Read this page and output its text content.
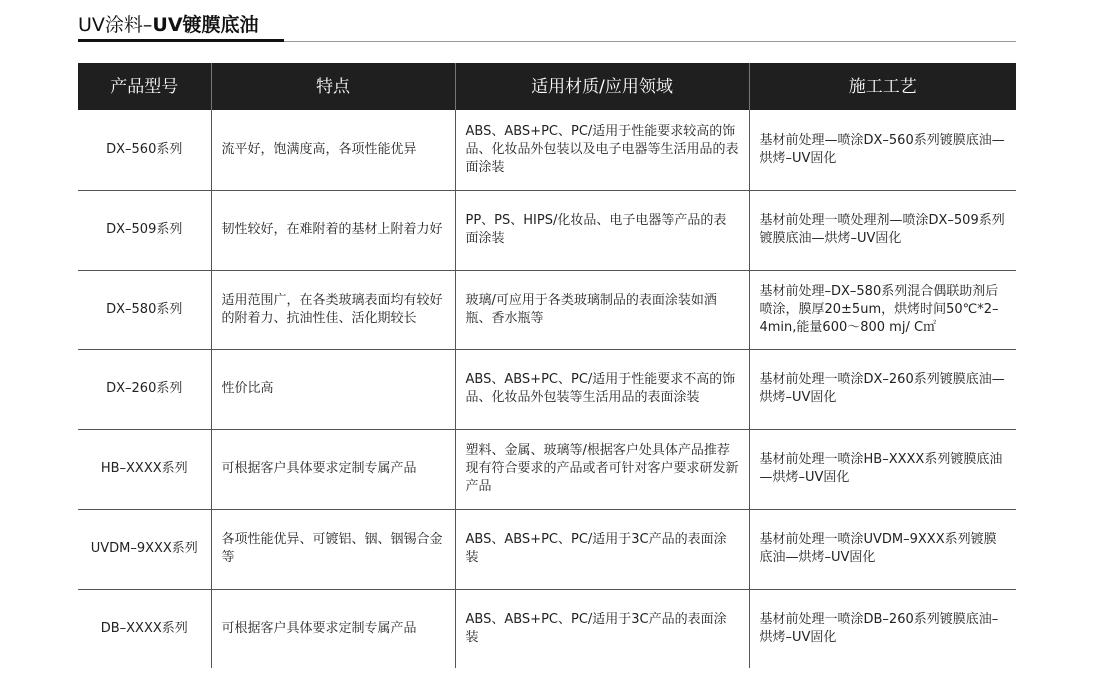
UV涂料–UV镀膜底油
产品型号	特点	适用材质/应用领域	施工工艺
DX–560系列	流平好，饱满度高，各项性能优异	ABS、ABS+PC、PC/适用于性能要求较高的饰品、化妆品外包装以及电子电器等生活用品的表面涂装	基材前处理—喷涂DX–560系列镀膜底油—烘烤–UV固化
DX–509系列	韧性较好，在难附着的基材上附着力好	PP、PS、HIPS/化妆品、电子电器等产品的表面涂装	基材前处理一喷处理剂—喷涂DX–509系列镀膜底油—烘烤–UV固化
DX–580系列	适用范围广，在各类玻璃表面均有较好的附着力、抗油性佳、活化期较长	玻璃/可应用于各类玻璃制品的表面涂装如酒瓶、香水瓶等	基材前处理–DX–580系列混合偶联助剂后喷涂，膜厚20±5um，烘烤时间50℃*2–4min,能量600～800 mj/ C㎡
DX–260系列	性价比高	ABS、ABS+PC、PC/适用于性能要求不高的饰品、化妆品外包装等生活用品的表面涂装	基材前处理一喷涂DX–260系列镀膜底油—烘烤–UV固化
HB–XXXX系列	可根据客户具体要求定制专属产品	塑料、金属、玻璃等/根据客户处具体产品推荐现有符合要求的产品或者可针对客户要求研发新产品	基材前处理一喷涂HB–XXXX系列镀膜底油—烘烤–UV固化
UVDM–9XXX系列	各项性能优异、可镀铝、铟、铟锡合金等	ABS、ABS+PC、PC/适用于3C产品的表面涂装	基材前处理一喷涂UVDM–9XXX系列镀膜底油—烘烤–UV固化
DB–XXXX系列	可根据客户具体要求定制专属产品	ABS、ABS+PC、PC/适用于3C产品的表面涂装	基材前处理一喷涂DB–260系列镀膜底油–烘烤–UV固化
